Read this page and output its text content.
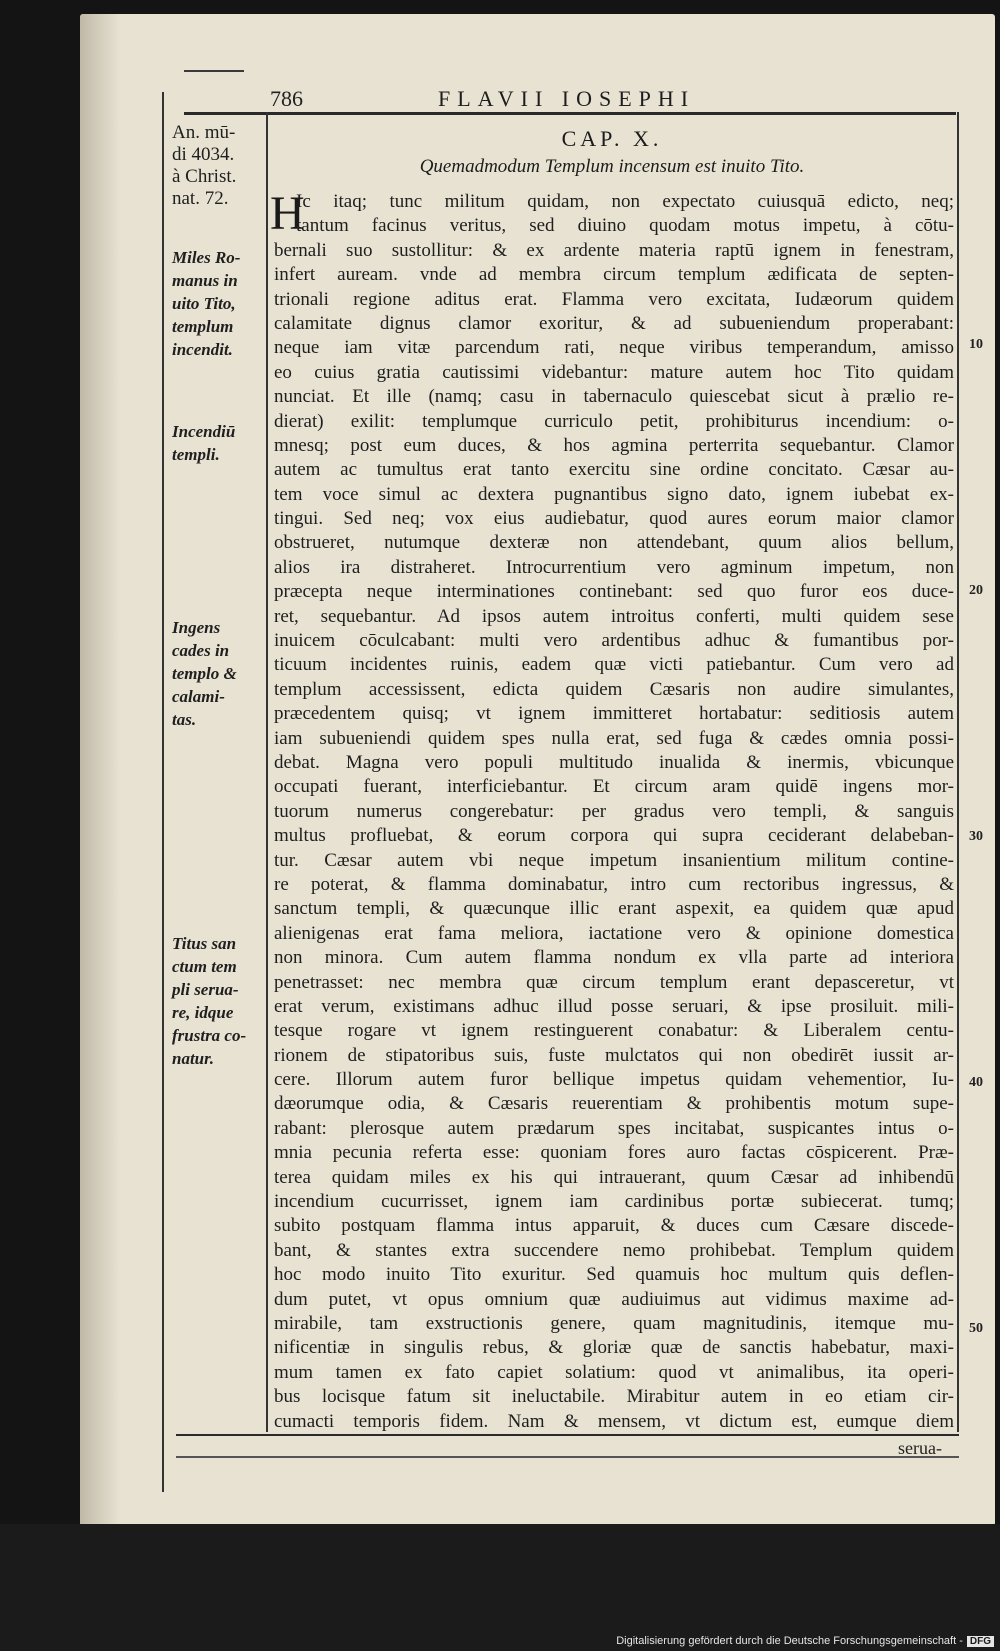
786	FLAVII IOSEPHI
An. mū-
di 4034.
à Christ.
nat. 72.
Miles Ro-
manus in
uito Tito,
templum
incendit.
Incendiū
templi.
Ingens
cades in
templo &
calami-
tas.
Titus san
ctum tem
pli serua-
re, idque
frustra co-
natur.
CAP. X.
Quemadmodum Templum incensum est inuito Tito.
H
Ic itaq; tunc militum quidam, non expectato cuiusquā edicto, neq;
tantum facinus veritus, sed diuino quodam motus impetu, à cōtu-
bernali suo sustollitur: & ex ardente materia raptū ignem in fenestram,
infert auream. vnde ad membra circum templum ædificata de septen-
trionali regione aditus erat. Flamma vero excitata, Iudæorum quidem
calamitate dignus clamor exoritur, & ad subueniendum properabant:
neque iam vitæ parcendum rati, neque viribus temperandum, amisso
eo cuius gratia cautissimi videbantur: mature autem hoc Tito quidam
nunciat. Et ille (namq; casu in tabernaculo quiescebat sicut à prælio re-
dierat) exilit: templumque curriculo petit, prohibiturus incendium: o-
mnesq; post eum duces, & hos agmina perterrita sequebantur. Clamor
autem ac tumultus erat tanto exercitu sine ordine concitato. Cæsar au-
tem voce simul ac dextera pugnantibus signo dato, ignem iubebat ex-
tingui. Sed neq; vox eius audiebatur, quod aures eorum maior clamor
obstrueret, nutumque dexteræ non attendebant, quum alios bellum,
alios ira distraheret. Introcurrentium vero agminum impetum, non
præcepta neque interminationes continebant: sed quo furor eos duce-
ret, sequebantur. Ad ipsos autem introitus conferti, multi quidem sese
inuicem cōculcabant: multi vero ardentibus adhuc & fumantibus por-
ticuum incidentes ruinis, eadem quæ victi patiebantur. Cum vero ad
templum accessissent, edicta quidem Cæsaris non audire simulantes,
præcedentem quisq; vt ignem immitteret hortabatur: seditiosis autem
iam subueniendi quidem spes nulla erat, sed fuga & cædes omnia possi-
debat. Magna vero populi multitudo inualida & inermis, vbicunque
occupati fuerant, interficiebantur. Et circum aram quidē ingens mor-
tuorum numerus congerebatur: per gradus vero templi, & sanguis
multus profluebat, & eorum corpora qui supra ceciderant delabeban-
tur. Cæsar autem vbi neque impetum insanientium militum contine-
re poterat, & flamma dominabatur, intro cum rectoribus ingressus, &
sanctum templi, & quæcunque illic erant aspexit, ea quidem quæ apud
alienigenas erat fama meliora, iactatione vero & opinione domestica
non minora. Cum autem flamma nondum ex vlla parte ad interiora
penetrasset: nec membra quæ circum templum erant depasceretur, vt
erat verum, existimans adhuc illud posse seruari, & ipse prosiluit. mili-
tesque rogare vt ignem restinguerent conabatur: & Liberalem centu-
rionem de stipatoribus suis, fuste mulctatos qui non obedirēt iussit ar-
cere. Illorum autem furor bellique impetus quidam vehementior, Iu-
dæorumque odia, & Cæsaris reuerentiam & prohibentis motum supe-
rabant: plerosque autem prædarum spes incitabat, suspicantes intus o-
mnia pecunia referta esse: quoniam fores auro factas cōspicerent. Præ-
terea quidam miles ex his qui intrauerant, quum Cæsar ad inhibendū
incendium cucurrisset, ignem iam cardinibus portæ subiecerat. tumq;
subito postquam flamma intus apparuit, & duces cum Cæsare discede-
bant, & stantes extra succendere nemo prohibebat. Templum quidem
hoc modo inuito Tito exuritur. Sed quamuis hoc multum quis deflen-
dum putet, vt opus omnium quæ audiuimus aut vidimus maxime ad-
mirabile, tam exstructionis genere, quam magnitudinis, itemque mu-
nificentiæ in singulis rebus, & gloriæ quæ de sanctis habebatur, maxi-
mum tamen ex fato capiet solatium: quod vt animalibus, ita operi-
bus locisque fatum sit ineluctabile. Mirabitur autem in eo etiam cir-
cumacti temporis fidem. Nam & mensem, vt dictum est, eumque diem
10
20
30
40
50
serua-
Digitalisierung gefördert durch die Deutsche Forschungsgemeinschaft - DFG
